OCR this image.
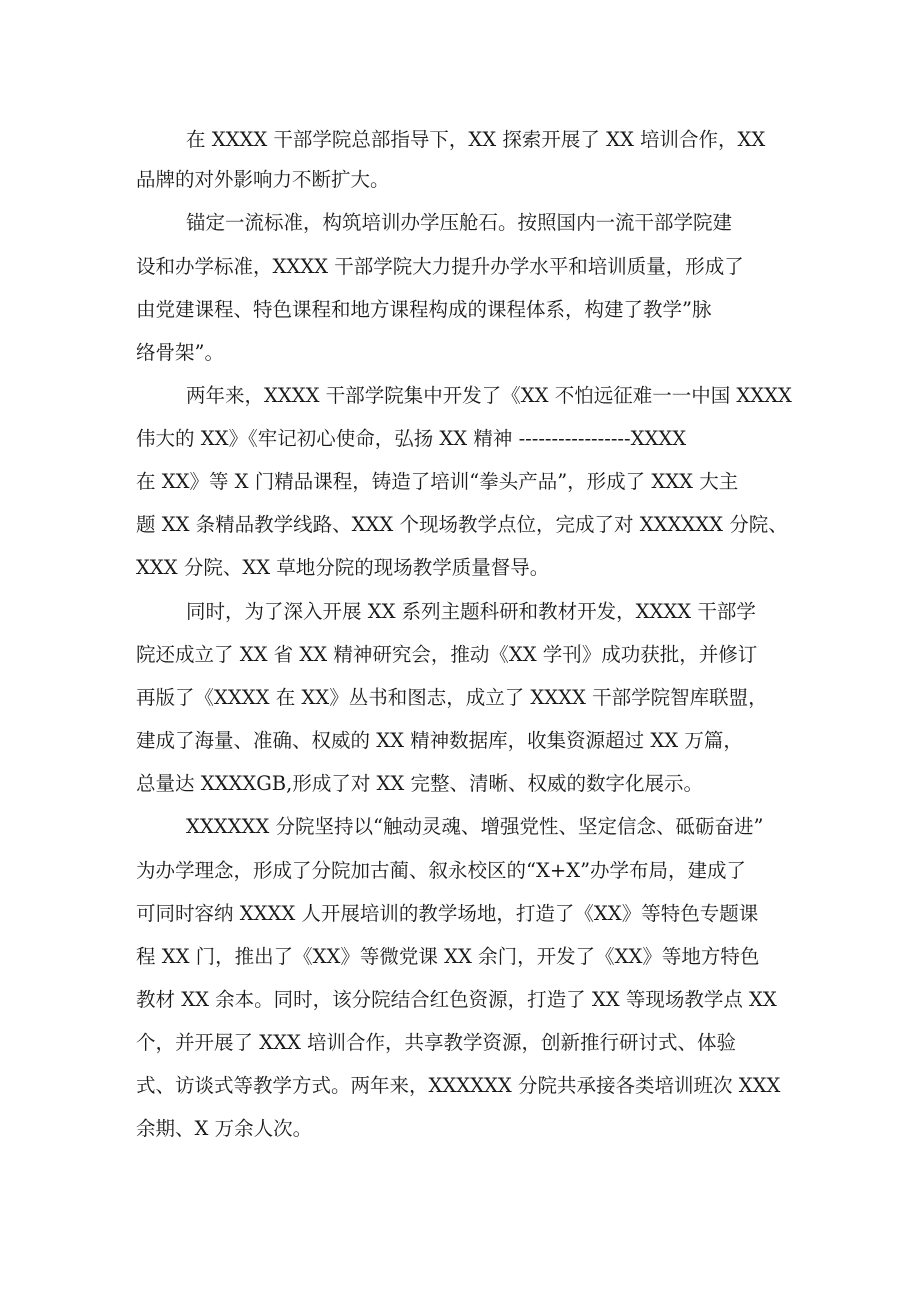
在 XXXX 干部学院总部指导下，XX 探索开展了 XX 培训合作，XX
品牌的对外影响力不断扩大。
锚定一流标准，构筑培训办学压舱石。按照国内一流干部学院建
设和办学标准，XXXX 干部学院大力提升办学水平和培训质量，形成了
由党建课程、特色课程和地方课程构成的课程体系，构建了教学”脉
络骨架”。
两年来，XXXX 干部学院集中开发了《XX 不怕远征难一一中国 XXXX
伟大的 XX》《牢记初心使命，弘扬 XX 精神 -----------------XXXX
在 XX》等 X 门精品课程，铸造了培训“拳头产品”，形成了 XXX 大主
题 XX 条精品教学线路、XXX 个现场教学点位，完成了对 XXXXXX 分院、
XXX 分院、XX 草地分院的现场教学质量督导。
同时，为了深入开展 XX 系列主题科研和教材开发，XXXX 干部学
院还成立了 XX 省 XX 精神研究会，推动《XX 学刊》成功获批，并修订
再版了《XXXX 在 XX》丛书和图志，成立了 XXXX 干部学院智库联盟，
建成了海量、准确、权威的 XX 精神数据库，收集资源超过 XX 万篇，
总量达 XXXXGB,形成了对 XX 完整、清晰、权威的数字化展示。
XXXXXX 分院坚持以“触动灵魂、增强党性、坚定信念、砥砺奋进”
为办学理念，形成了分院加古蔺、叙永校区的“X+X”办学布局，建成了
可同时容纳 XXXX 人开展培训的教学场地，打造了《XX》等特色专题课
程 XX 门，推出了《XX》等微党课 XX 余门，开发了《XX》等地方特色
教材 XX 余本。同时，该分院结合红色资源，打造了 XX 等现场教学点 XX
个，并开展了 XXX 培训合作，共享教学资源，创新推行研讨式、体验
式、访谈式等教学方式。两年来，XXXXXX 分院共承接各类培训班次 XXX
余期、X 万余人次。
